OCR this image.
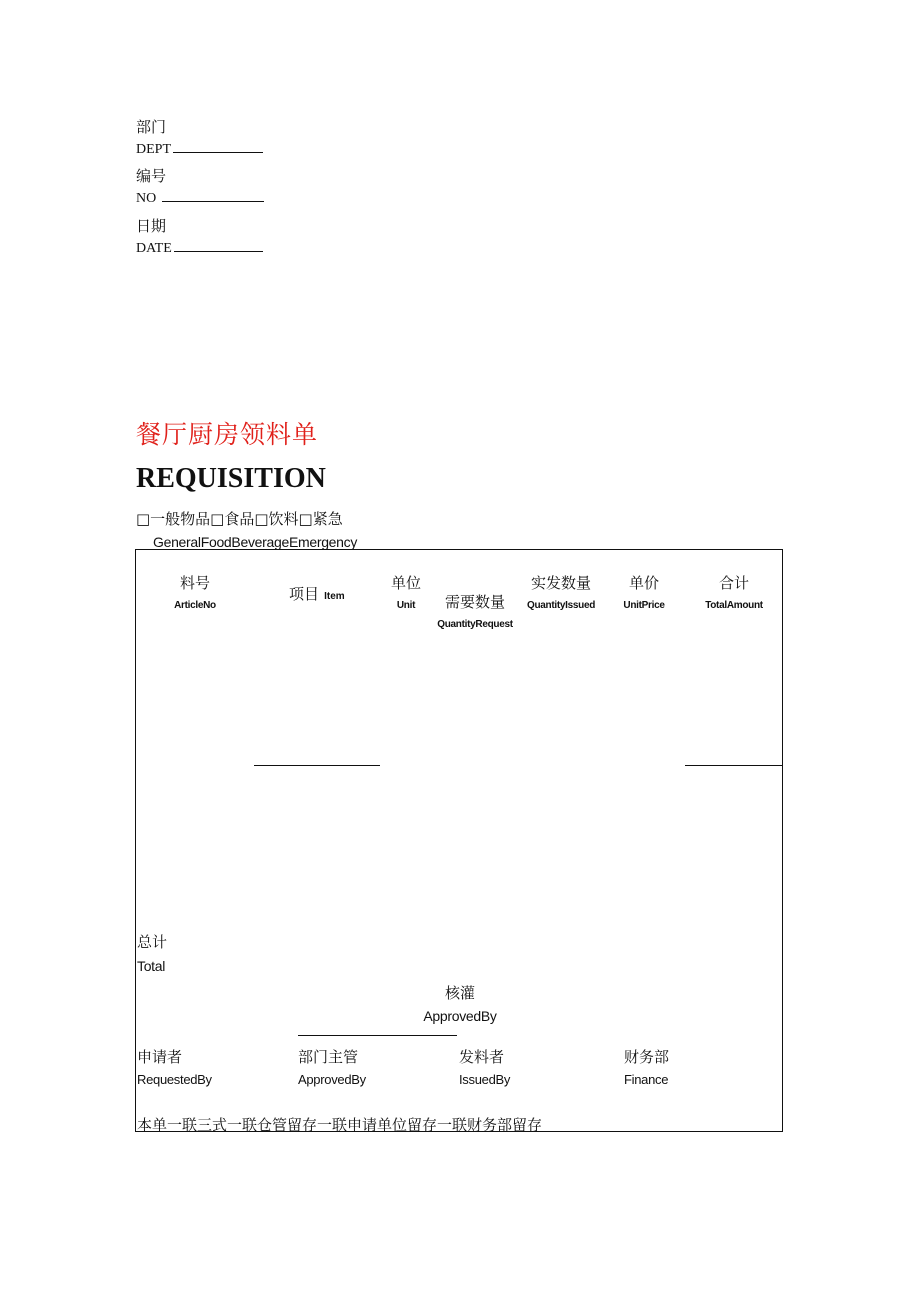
部门
DEPT
编号
NO
日期
DATE
餐厅厨房领料单
REQUISITION
□一般物品□食品□饮料□紧急
GeneralFoodBeverageEmergency
料号
ArticleNo
项目 Item
单位
Unit 需要数量
QuantityRequest
实发数量
QuantityIssued
单价
UnitPrice
合计
TotalAmount
总计
Total
核灌
ApprovedBy
申请者
RequestedBy
部门主管
ApprovedBy
发料者
IssuedBy
财务部
Finance
本单一联三式一联仓管留存一联申请单位留存一联财务部留存
